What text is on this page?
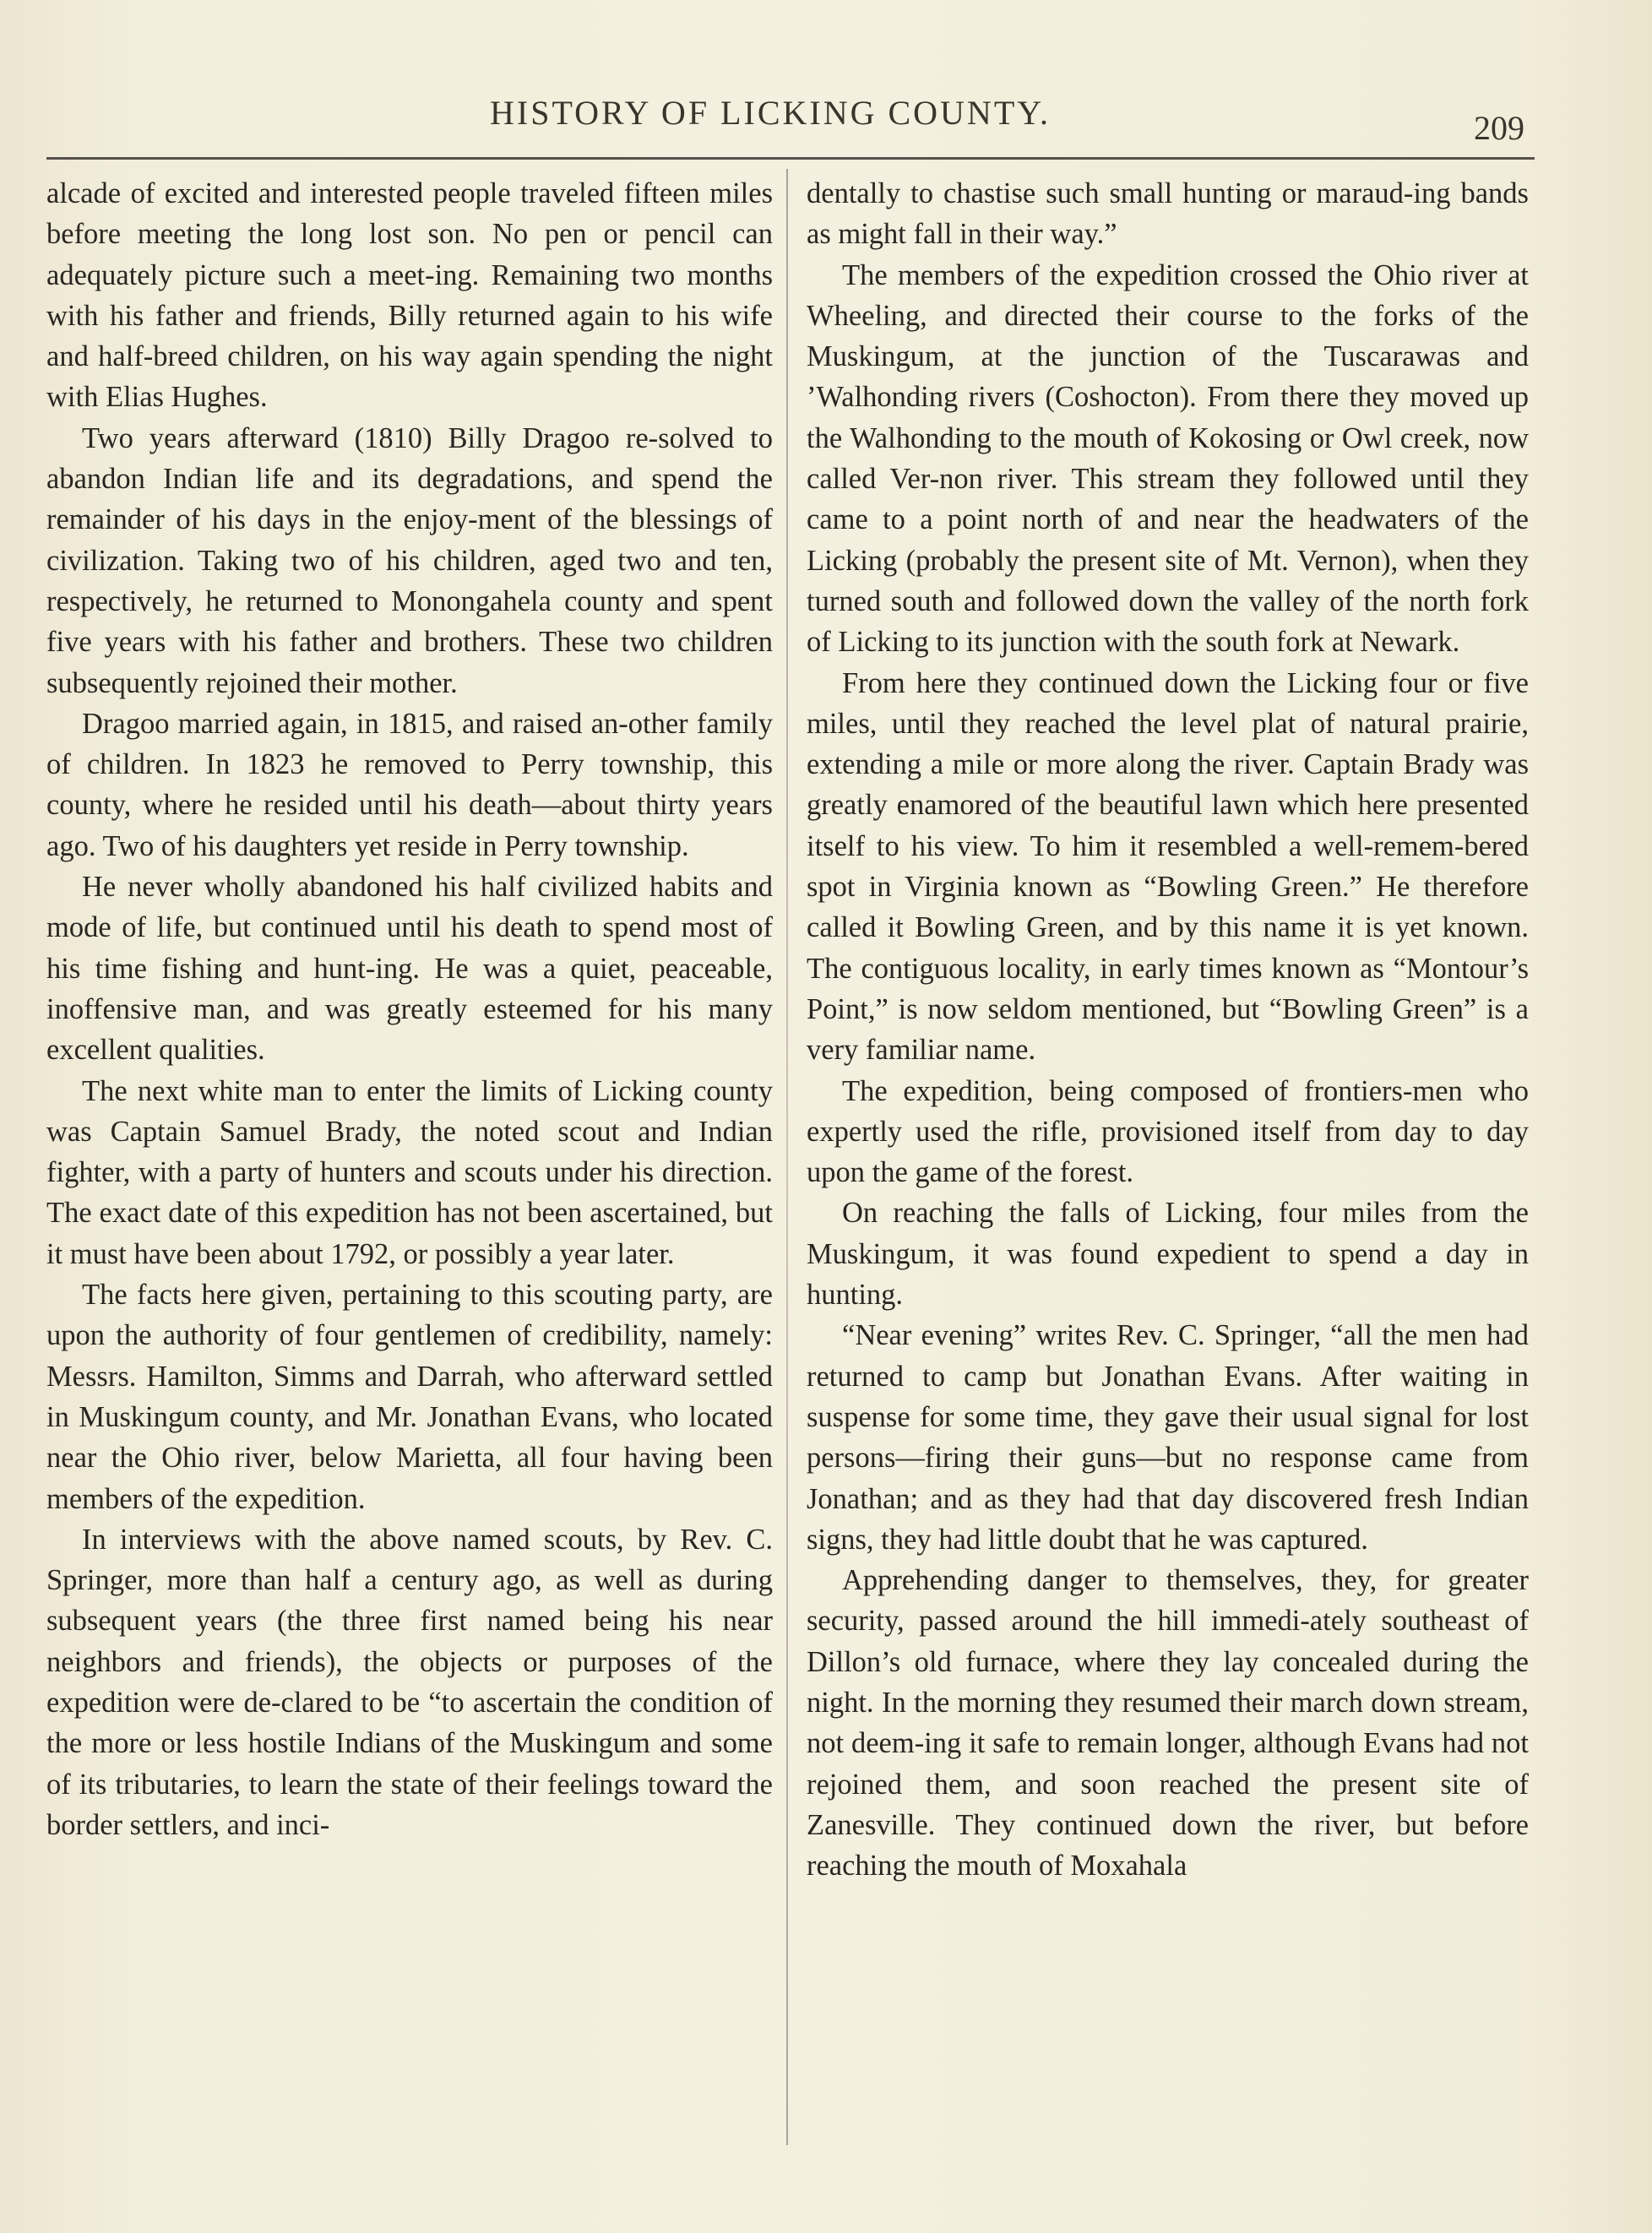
HISTORY OF LICKING COUNTY.	209

alcade of excited and interested people traveled fifteen miles before meeting the long lost son. No pen or pencil can adequately picture such a meet-ing. Remaining two months with his father and friends, Billy returned again to his wife and half-breed children, on his way again spending the night with Elias Hughes.

Two years afterward (1810) Billy Dragoo re-solved to abandon Indian life and its degradations, and spend the remainder of his days in the enjoy-ment of the blessings of civilization. Taking two of his children, aged two and ten, respectively, he returned to Monongahela county and spent five years with his father and brothers. These two children subsequently rejoined their mother.

Dragoo married again, in 1815, and raised an-other family of children. In 1823 he removed to Perry township, this county, where he resided until his death—about thirty years ago. Two of his daughters yet reside in Perry township.

He never wholly abandoned his half civilized habits and mode of life, but continued until his death to spend most of his time fishing and hunt-ing. He was a quiet, peaceable, inoffensive man, and was greatly esteemed for his many excellent qualities.

The next white man to enter the limits of Licking county was Captain Samuel Brady, the noted scout and Indian fighter, with a party of hunters and scouts under his direction. The exact date of this expedition has not been ascertained, but it must have been about 1792, or possibly a year later.

The facts here given, pertaining to this scouting party, are upon the authority of four gentlemen of credibility, namely: Messrs. Hamilton, Simms and Darrah, who afterward settled in Muskingum county, and Mr. Jonathan Evans, who located near the Ohio river, below Marietta, all four having been members of the expedition.

In interviews with the above named scouts, by Rev. C. Springer, more than half a century ago, as well as during subsequent years (the three first named being his near neighbors and friends), the objects or purposes of the expedition were de-clared to be “to ascertain the condition of the more or less hostile Indians of the Muskingum and some of its tributaries, to learn the state of their feelings toward the border settlers, and inci-

dentally to chastise such small hunting or maraud-ing bands as might fall in their way.”

The members of the expedition crossed the Ohio river at Wheeling, and directed their course to the forks of the Muskingum, at the junction of the Tuscarawas and ’Walhonding rivers (Coshocton). From there they moved up the Walhonding to the mouth of Kokosing or Owl creek, now called Ver-non river. This stream they followed until they came to a point north of and near the headwaters of the Licking (probably the present site of Mt. Vernon), when they turned south and followed down the valley of the north fork of Licking to its junction with the south fork at Newark.

From here they continued down the Licking four or five miles, until they reached the level plat of natural prairie, extending a mile or more along the river. Captain Brady was greatly enamored of the beautiful lawn which here presented itself to his view. To him it resembled a well-remem-bered spot in Virginia known as “Bowling Green.” He therefore called it Bowling Green, and by this name it is yet known. The contiguous locality, in early times known as “Montour’s Point,” is now seldom mentioned, but “Bowling Green” is a very familiar name.

The expedition, being composed of frontiers-men who expertly used the rifle, provisioned itself from day to day upon the game of the forest.

On reaching the falls of Licking, four miles from the Muskingum, it was found expedient to spend a day in hunting.

“Near evening” writes Rev. C. Springer, “all the men had returned to camp but Jonathan Evans. After waiting in suspense for some time, they gave their usual signal for lost persons—firing their guns—but no response came from Jonathan; and as they had that day discovered fresh Indian signs, they had little doubt that he was captured.

Apprehending danger to themselves, they, for greater security, passed around the hill immedi-ately southeast of Dillon’s old furnace, where they lay concealed during the night. In the morning they resumed their march down stream, not deem-ing it safe to remain longer, although Evans had not rejoined them, and soon reached the present site of Zanesville. They continued down the river, but before reaching the mouth of Moxahala
